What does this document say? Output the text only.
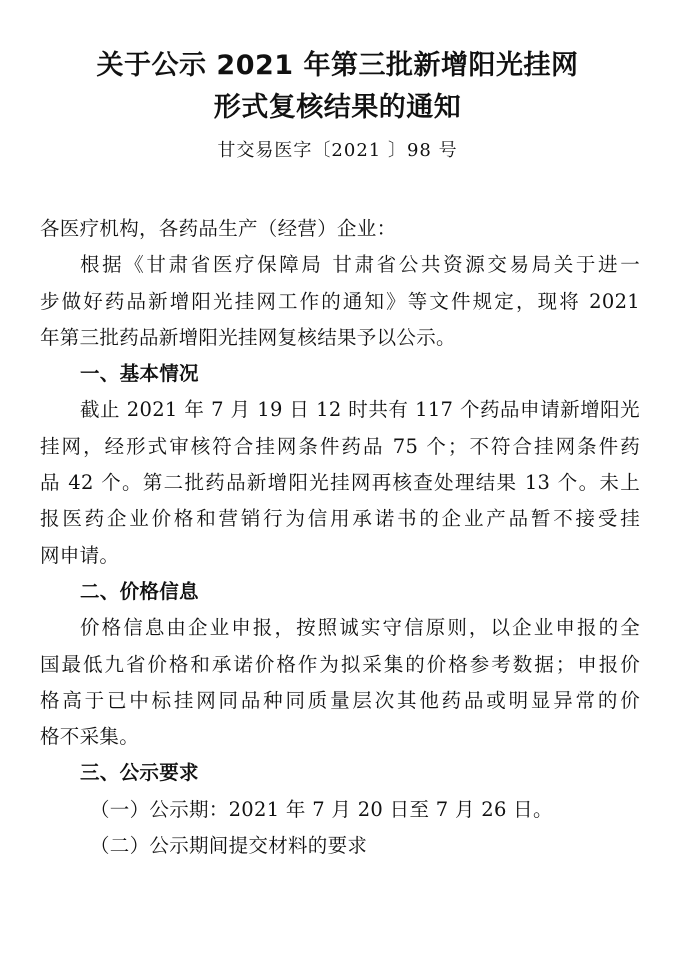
关于公示 2021 年第三批新增阳光挂网
形式复核结果的通知
甘交易医字〔2021 〕98 号
各医疗机构，各药品生产（经营）企业：
根据《甘肃省医疗保障局 甘肃省公共资源交易局关于进一
步做好药品新增阳光挂网工作的通知》等文件规定，现将 2021
年第三批药品新增阳光挂网复核结果予以公示。
一、基本情况
截止 2021 年 7 月 19 日 12 时共有 117 个药品申请新增阳光
挂网，经形式审核符合挂网条件药品 75 个；不符合挂网条件药
品 42 个。第二批药品新增阳光挂网再核查处理结果 13 个。未上
报医药企业价格和营销行为信用承诺书的企业产品暂不接受挂
网申请。
二、价格信息
价格信息由企业申报，按照诚实守信原则，以企业申报的全
国最低九省价格和承诺价格作为拟采集的价格参考数据；申报价
格高于已中标挂网同品种同质量层次其他药品或明显异常的价
格不采集。
三、公示要求
（一）公示期：2021 年 7 月 20 日至 7 月 26 日。
（二）公示期间提交材料的要求
